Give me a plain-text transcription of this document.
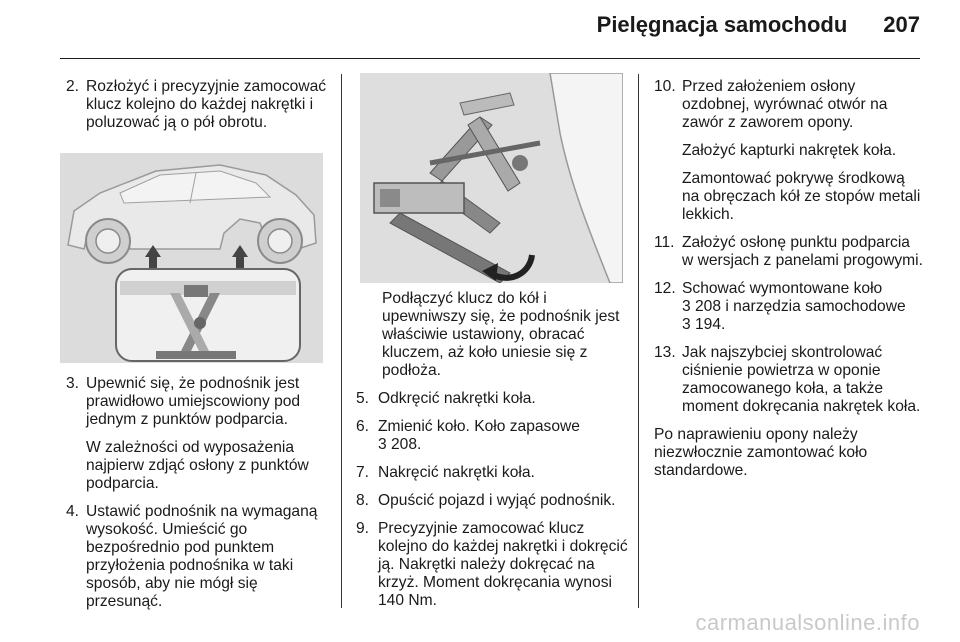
Pielęgnacja samochodu 207
2. Rozłożyć i precyzyjnie zamocować klucz kolejno do każdej nakrętki i poluzować ją o pół obrotu.

3. Upewnić się, że podnośnik jest prawidłowo umiejscowiony pod jednym z punktów podparcia.

W zależności od wyposażenia najpierw zdjąć osłony z punktów podparcia.

4. Ustawić podnośnik na wymaganą wysokość. Umieścić go bezpośrednio pod punktem przyłożenia podnośnika w taki sposób, aby nie mógł się przesunąć.

Podłączyć klucz do kół i upewniwszy się, że podnośnik jest właściwie ustawiony, obracać kluczem, aż koło uniesie się z podłoża.

5. Odkręcić nakrętki koła.

6. Zmienić koło. Koło zapasowe

3 208.

7. Nakręcić nakrętki koła.

8. Opuścić pojazd i wyjąć podnośnik.

9. Precyzyjnie zamocować klucz kolejno do każdej nakrętki i dokręcić ją. Nakrętki należy dokręcać na krzyż. Moment dokręcania wynosi 140 Nm.

10. Przed założeniem osłony ozdobnej, wyrównać otwór na zawór z zaworem opony.

Założyć kapturki nakrętek koła.

Zamontować pokrywę środkową na obręczach kół ze stopów metali lekkich.

11. Założyć osłonę punktu podparcia w wersjach z panelami progowymi.

12. Schować wymontowane koło

3 208 i narzędzia samochodowe

3 194.

13. Jak najszybciej skontrolować ciśnienie powietrza w oponie zamocowanego koła, a także moment dokręcania nakrętek koła.

Po naprawieniu opony należy niezwłocznie zamontować koło standardowe.

carmanualsonline.info
